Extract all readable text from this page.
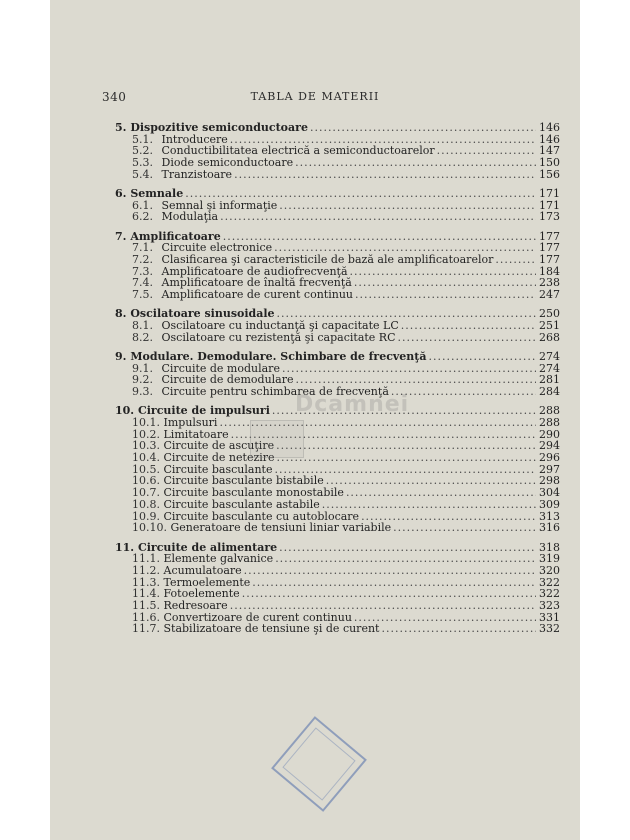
340	TABLA DE MATERII
5. Dispozitive semiconductoare .....	146
5.1. Introducere .....	146
5.2. Conductibilitatea electrică a semiconductoarelor .....	147
5.3. Diode semiconductoare .....	150
5.4. Tranzistoare .....	156
6. Semnale .....	171
6.1. Semnal şi informaţie .....	171
6.2. Modulaţia .....	173
7. Amplificatoare .....	177
7.1. Circuite electronice .....	177
7.2. Clasificarea şi caracteristicile de bază ale amplificatoarelor .....	177
7.3. Amplificatoare de audiofrecvenţă .....	184
7.4. Amplificatoare de înaltă frecvenţă .....	238
7.5. Amplificatoare de curent continuu .....	247
8. Oscilatoare sinusoidale .....	250
8.1. Oscilatoare cu inductanţă şi capacitate LC .....	251
8.2. Oscilatoare cu rezistenţă şi capacitate RC .....	268
9. Modulare. Demodulare. Schimbare de frecvenţă .....	274
9.1. Circuite de modulare .....	274
9.2. Circuite de demodulare .....	281
9.3. Circuite pentru schimbarea de frecvenţă .....	284
10. Circuite de impulsuri .....	288
10.1. Impulsuri .....	288
10.2. Limitatoare .....	290
10.3. Circuite de ascuţire .....	294
10.4. Circuite de netezire .....	296
10.5. Circuite basculante .....	297
10.6. Circuite basculante bistabile .....	298
10.7. Circuite basculante monostabile .....	304
10.8. Circuite basculante astabile .....	309
10.9. Circuite basculante cu autoblocare .....	313
10.10. Generatoare de tensiuni liniar variabile .....	316
11. Circuite de alimentare .....	318
11.1. Elemente galvanice .....	319
11.2. Acumulatoare .....	320
11.3. Termoelemente .....	322
11.4. Fotoelemente .....	322
11.5. Redresoare .....	323
11.6. Convertizoare de curent continuu .....	331
11.7. Stabilizatoare de tensiune şi de curent .....	332
Dcamnei
